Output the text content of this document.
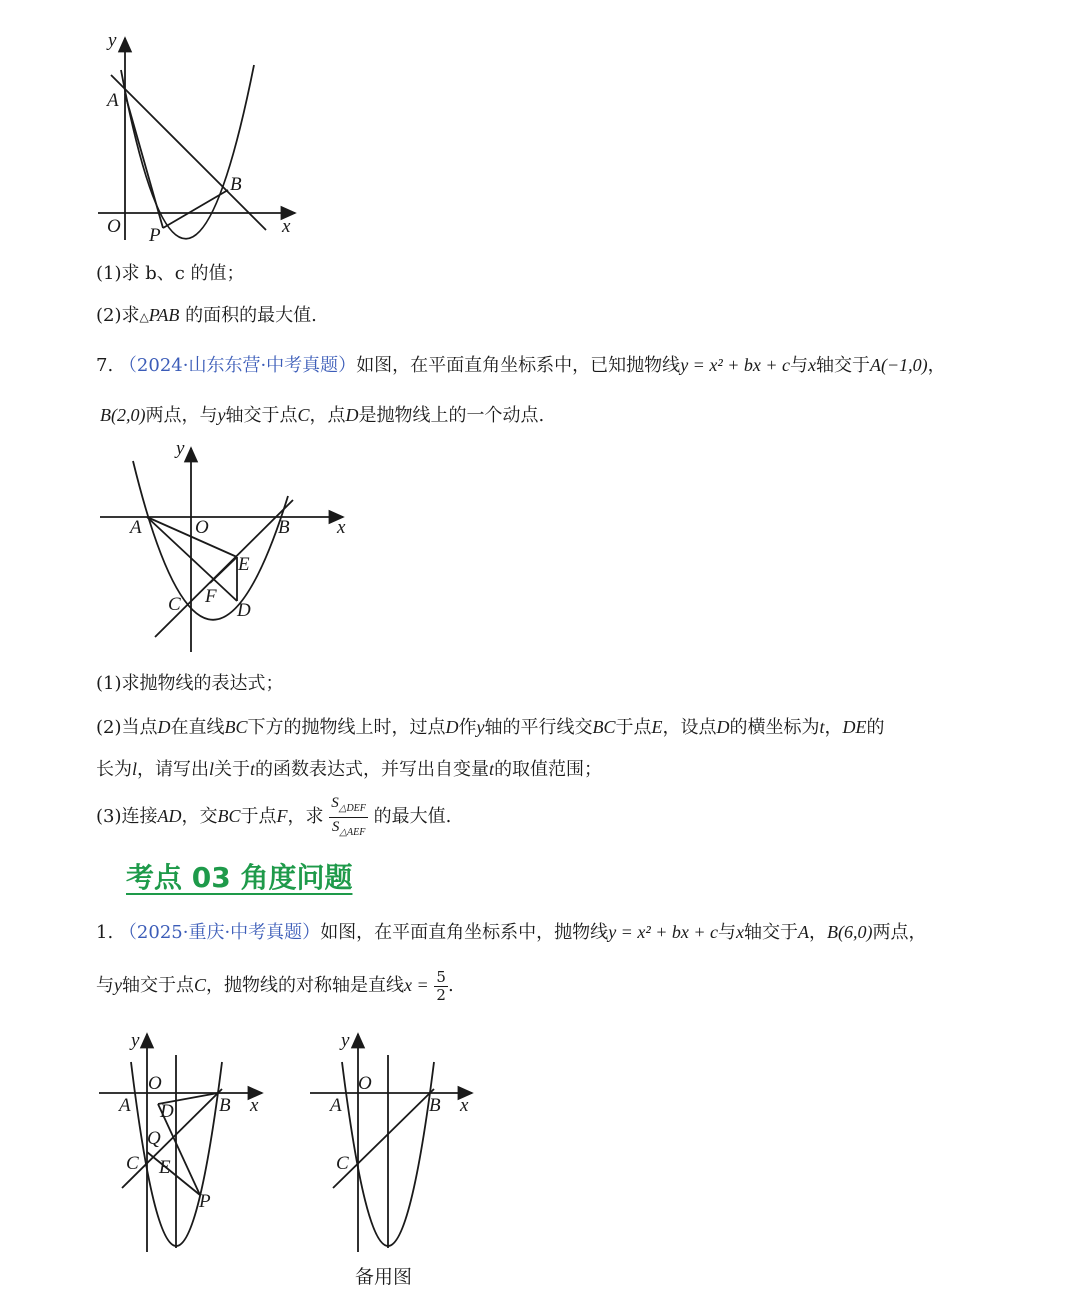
y
A
B
O P	x
(1)求 b、c 的值；
(2)求△PAB 的面积的最大值.
7. （2024·山东东营·中考真题）如图，在平面直角坐标系中，已知抛物线y = x² + bx + c与x轴交于A(−1,0)，
B(2,0)两点，与y轴交于点C，点D是抛物线上的一个动点.
y
A	O	B x
E
C F
D
(1)求抛物线的表达式；
(2)当点D在直线BC下方的抛物线上时，过点D作y轴的平行线交BC于点E，设点D的横坐标为t，DE的
长为l，请写出l关于t的函数表达式，并写出自变量t的取值范围；
(3)连接AD，交BC于点F，求 $\frac{S_{\triangle DEF}}{S_{\triangle AEF}}$ 的最大值.
考点 03 角度问题
1. （2025·重庆·中考真题）如图，在平面直角坐标系中，抛物线y = x² + bx + c与x轴交于A，B(6,0)两点，
与y轴交于点C，抛物线的对称轴是直线$x = \frac{5}{2}$ .
y
O
A D B x
Q
C E
P
y
O
A	B x
C
备用图
